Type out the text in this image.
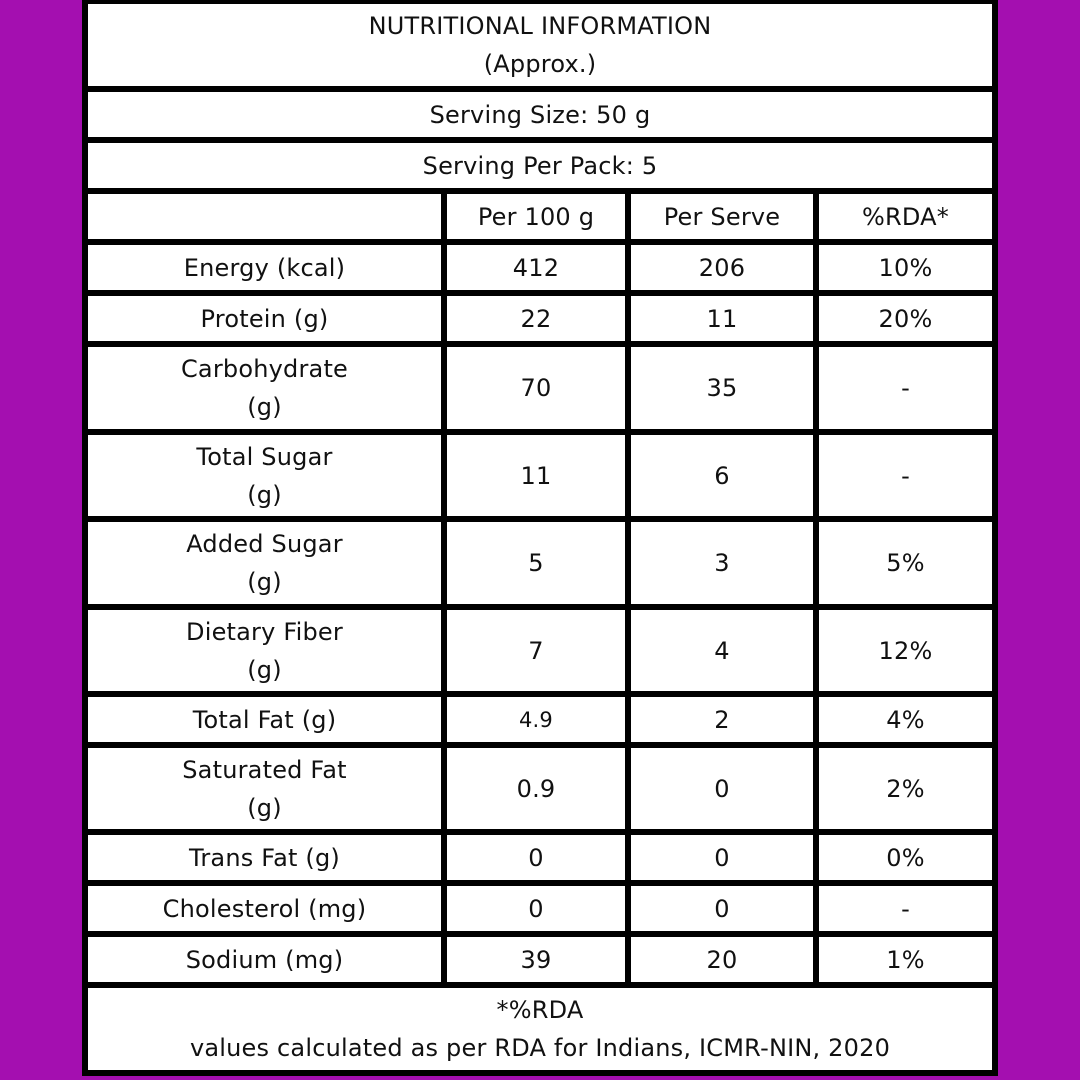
NUTRITIONAL INFORMATION
(Approx.)
Serving Size: 50 g
Serving Per Pack: 5
Per 100 g	Per Serve	%RDA*
Energy (kcal)	412	206	10%
Protein (g)	22	11	20%
Carbohydrate
(g)
70	35	-
Total Sugar
(g)
11	6	-
Added Sugar
(g)
5	3	5%
Dietary Fiber
(g)
7	4	12%
Total Fat (g)	4.9	2	4%
Saturated Fat
(g)
0.9	0	2%
Trans Fat (g)	0	0	0%
Cholesterol (mg)	0	0	-
Sodium (mg)	39	20	1%
*%RDA
values calculated as per RDA for Indians, ICMR-NIN, 2020
